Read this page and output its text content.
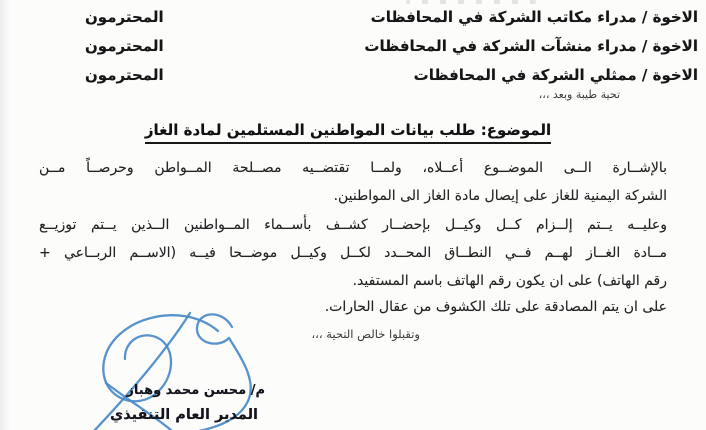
الاخوة / مدراء مكاتب الشركة في المحافظات
المحترمون
الاخوة / مدراء منشآت الشركة في المحافظات
المحترمون
الاخوة / ممثلي الشركة في المحافظات
المحترمون
تحية طيبة وبعد ،،،
الموضوع: طلب بيانات المواطنين المستلمين لمادة الغاز
بالإشــارة الــى الموضــوع أعــلاه، ولمــا تقتضــيه مصــلحة المــواطن وحرصــاً مــن
الشركة اليمنية للغاز على إيصال مادة الغاز الى المواطنين.
وعليــه يــتم إلــزام كــل وكيــل بإحضــار كشــف بأســماء المــواطنين الــذين يــتم توزيــع
مــادة الغــاز لهــم فــي النطــاق المحــدد لكــل وكيــل موضــحا فيــه (الاســم الربــاعي +
رقم الهاتف) على ان يكون رقم الهاتف باسم المستفيد.
على ان يتم المصادقة على تلك الكشوف من عقال الحارات.
وتقبلوا خالص التحية ،،،
م/ محسن محمد وهباز
المدير العام التنفيذي
